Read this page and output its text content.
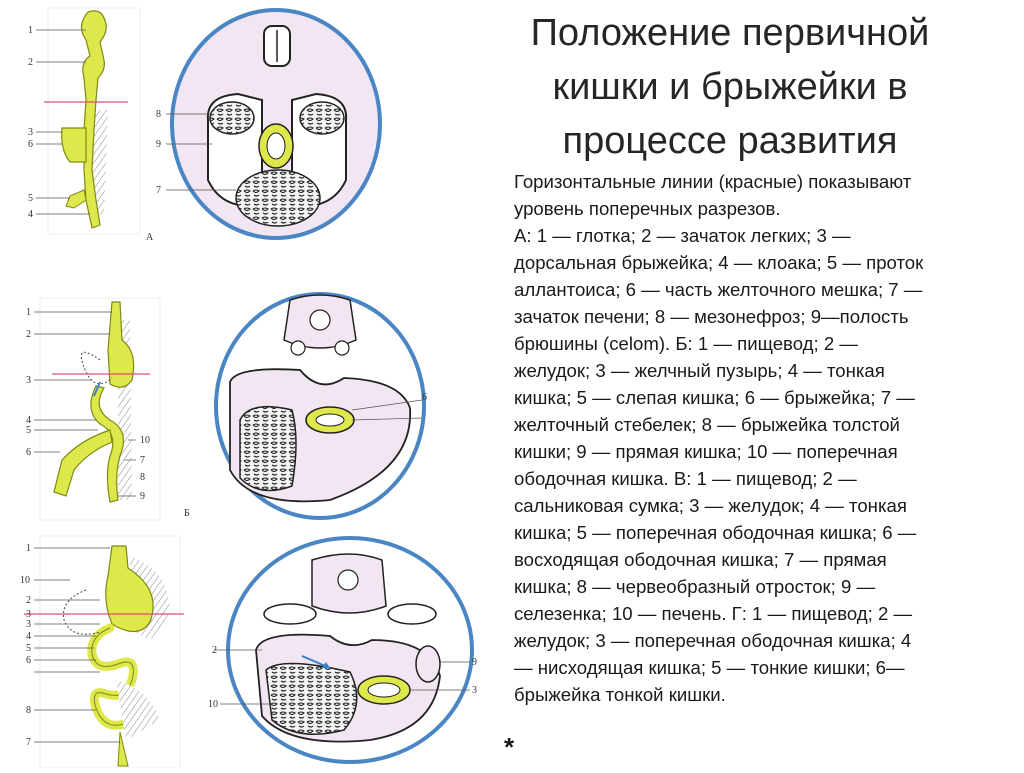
1
2
3
6
5
4
А
8
9
7
1
2
3
4
5
6
7
8
9
10
Б
6
1
10
2
3
3
4
5
6
8
7
2
10
9
3
Положение первичной
кишки и брыжейки в
процессе развития
Горизонтальные линии (красные) показывают
уровень поперечных разрезов.
А: 1 — глотка; 2 — зачаток легких; 3 —
дорсальная брыжейка; 4 — клоака; 5 — проток
аллантоиса; 6 — часть желточного мешка; 7 —
зачаток печени; 8 — мезонефроз; 9—полость
брюшины (celom). Б: 1 — пищевод; 2 —
желудок; 3 — желчный пузырь; 4 — тонкая
кишка; 5 — слепая кишка; 6 — брыжейка; 7 —
желточный стебелек; 8 — брыжейка толстой
кишки; 9 — прямая кишка; 10 — поперечная
ободочная кишка. В: 1 — пищевод; 2 —
сальниковая сумка; 3 — желудок; 4 — тонкая
кишка; 5 — поперечная ободочная кишка; 6 —
восходящая ободочная кишка; 7 — прямая
кишка; 8 — червеобразный отросток; 9 —
селезенка; 10 — печень. Г: 1 — пищевод; 2 —
желудок; 3 — поперечная ободочная кишка; 4
— нисходящая кишка; 5 — тонкие кишки; 6—
брыжейка тонкой кишки.
*
